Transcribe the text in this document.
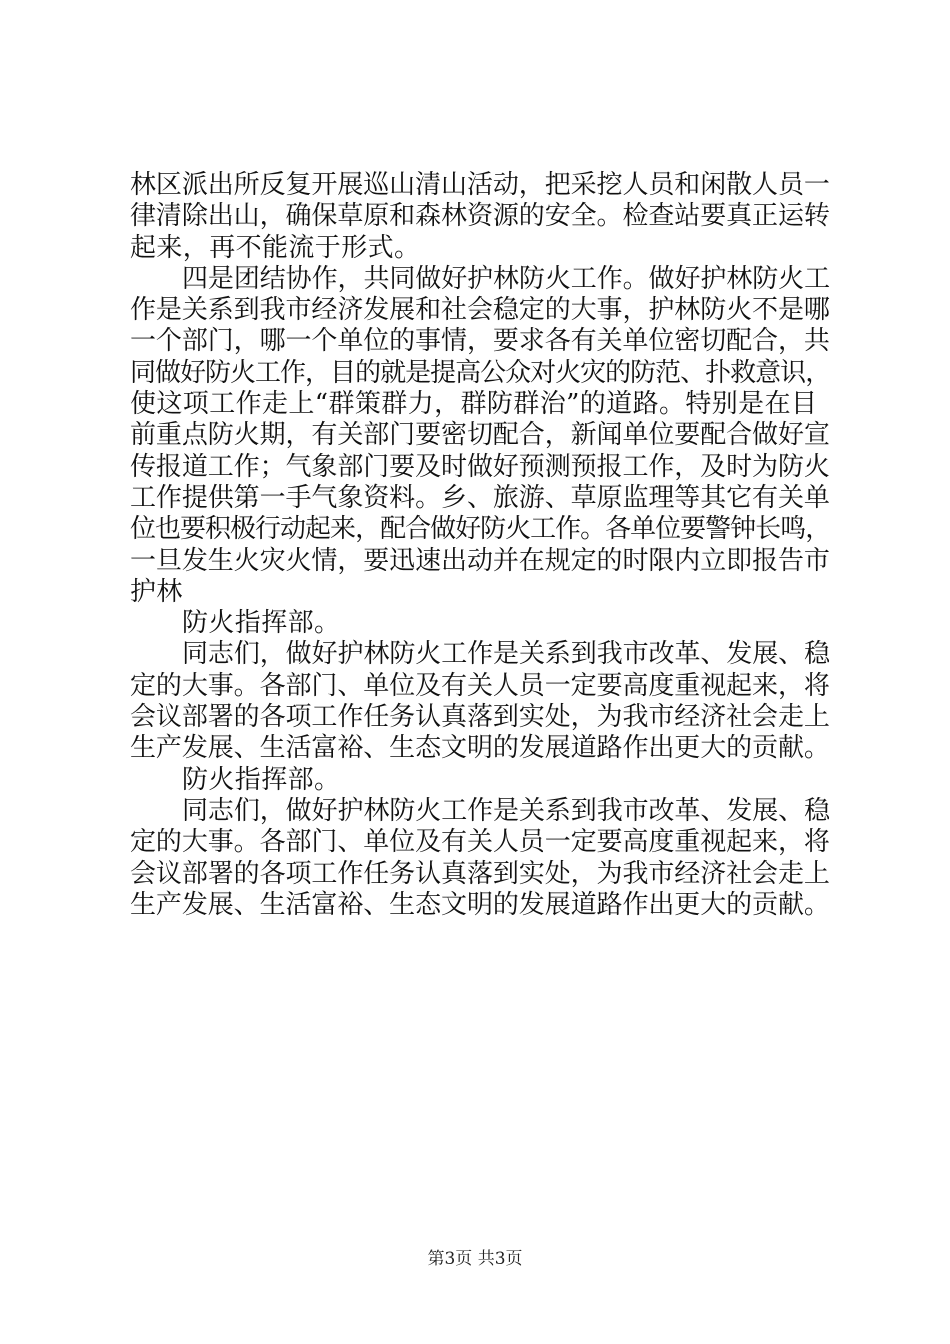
林区派出所反复开展巡山清山活动，把采挖人员和闲散人员一
律清除出山，确保草原和森林资源的安全。检查站要真正运转
起来，再不能流于形式。
四是团结协作，共同做好护林防火工作。做好护林防火工
作是关系到我市经济发展和社会稳定的大事，护林防火不是哪
一个部门，哪一个单位的事情，要求各有关单位密切配合，共
同做好防火工作，目的就是提高公众对火灾的防范、扑救意识，
使这项工作走上“群策群力，群防群治”的道路。特别是在目
前重点防火期，有关部门要密切配合，新闻单位要配合做好宣
传报道工作；气象部门要及时做好预测预报工作，及时为防火
工作提供第一手气象资料。乡、旅游、草原监理等其它有关单
位也要积极行动起来，配合做好防火工作。各单位要警钟长鸣，
一旦发生火灾火情，要迅速出动并在规定的时限内立即报告市
护林
防火指挥部。
同志们，做好护林防火工作是关系到我市改革、发展、稳
定的大事。各部门、单位及有关人员一定要高度重视起来，将
会议部署的各项工作任务认真落到实处，为我市经济社会走上
生产发展、生活富裕、生态文明的发展道路作出更大的贡献。
防火指挥部。
同志们，做好护林防火工作是关系到我市改革、发展、稳
定的大事。各部门、单位及有关人员一定要高度重视起来，将
会议部署的各项工作任务认真落到实处，为我市经济社会走上
生产发展、生活富裕、生态文明的发展道路作出更大的贡献。
第3页 共3页
